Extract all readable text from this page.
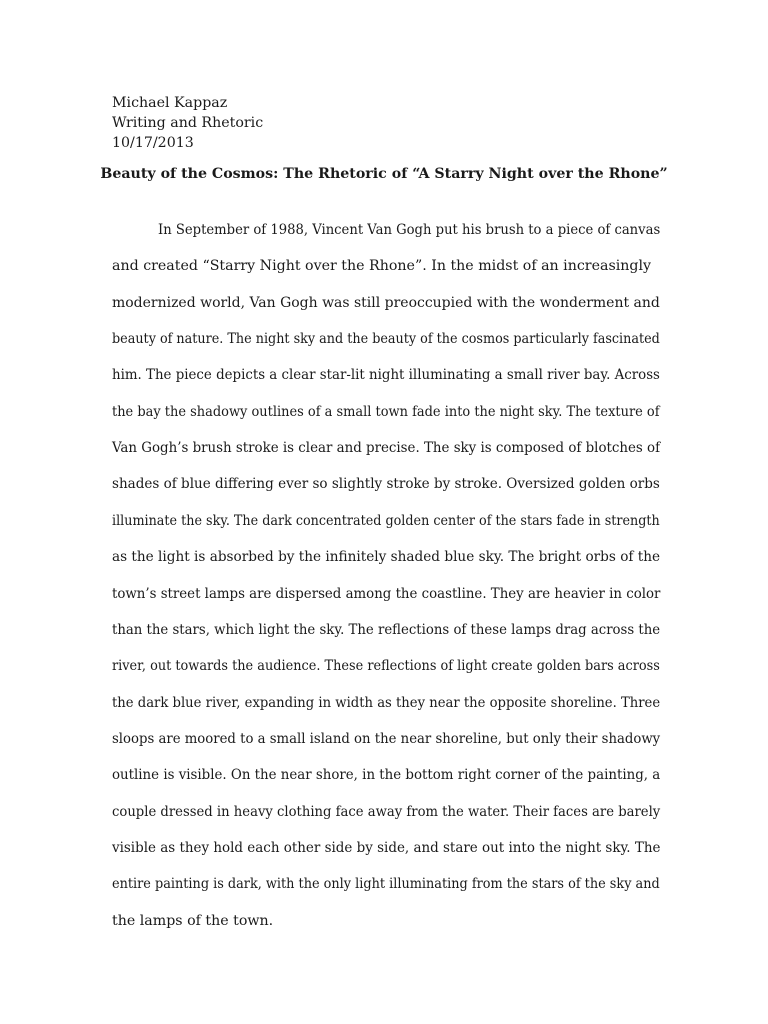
Michael Kappaz
Writing and Rhetoric
10/17/2013
Beauty of the Cosmos: The Rhetoric of “A Starry Night over the Rhone”
In September of 1988, Vincent Van Gogh put his brush to a piece of canvas
and created “Starry Night over the Rhone”. In the midst of an increasingly
modernized world, Van Gogh was still preoccupied with the wonderment and
beauty of nature. The night sky and the beauty of the cosmos particularly fascinated
him. The piece depicts a clear star-lit night illuminating a small river bay. Across
the bay the shadowy outlines of a small town fade into the night sky. The texture of
Van Gogh’s brush stroke is clear and precise. The sky is composed of blotches of
shades of blue differing ever so slightly stroke by stroke. Oversized golden orbs
illuminate the sky. The dark concentrated golden center of the stars fade in strength
as the light is absorbed by the infinitely shaded blue sky. The bright orbs of the
town’s street lamps are dispersed among the coastline. They are heavier in color
than the stars, which light the sky. The reflections of these lamps drag across the
river, out towards the audience. These reflections of light create golden bars across
the dark blue river, expanding in width as they near the opposite shoreline. Three
sloops are moored to a small island on the near shoreline, but only their shadowy
outline is visible. On the near shore, in the bottom right corner of the painting, a
couple dressed in heavy clothing face away from the water. Their faces are barely
visible as they hold each other side by side, and stare out into the night sky. The
entire painting is dark, with the only light illuminating from the stars of the sky and
the lamps of the town.
